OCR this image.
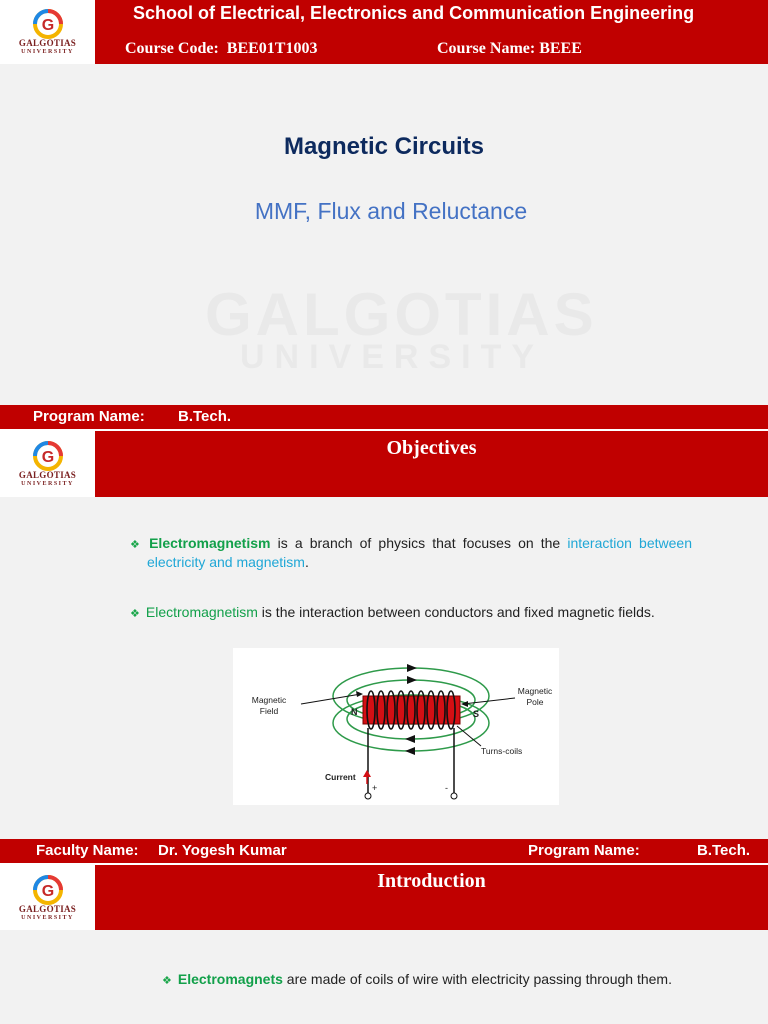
G
GALGOTIAS
UNIVERSITY
School of Electrical, Electronics and Communication Engineering
Course Code: BEE01T1003	Course Name: BEEE
GALGOTIAS
UNIVERSITY
Magnetic Circuits
MMF, Flux and Reluctance
Program Name: B.Tech.
G
GALGOTIAS
UNIVERSITY
Objectives
❖ Electromagnetism is a branch of physics that focuses on the interaction between electricity and magnetism.
❖ Electromagnetism is the interaction between conductors and fixed magnetic fields.
Magnetic
Field
Magnetic
Pole
N	S
Turns-coils
Current
+	-
Faculty Name: Dr. Yogesh Kumar	Program Name:	B.Tech.
G
GALGOTIAS
UNIVERSITY
Introduction
❖ Electromagnets are made of coils of wire with electricity passing through them.
